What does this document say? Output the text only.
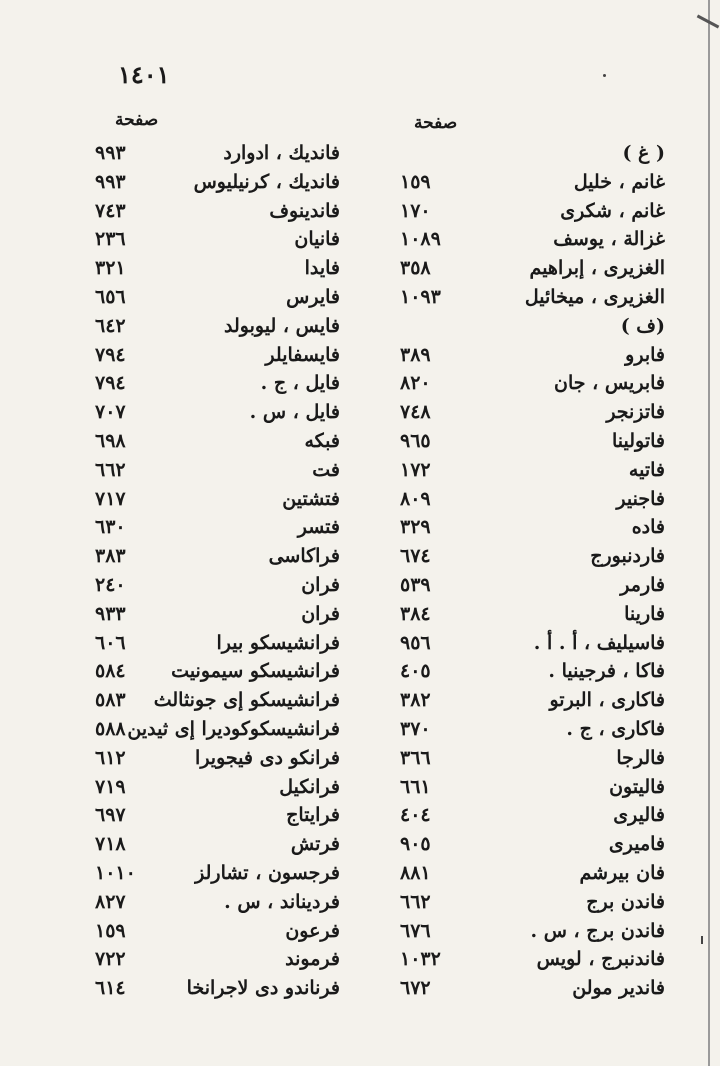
١٤٠١
صفحة	صفحة
( غ )
غانم ، خليل
١٥٩
غانم ، شكرى
١٧٠
غزالة ، يوسف
١٠٨٩
الغزيرى ، إبراهيم
٣٥٨
الغزيرى ، ميخائيل
١٠٩٣
(ف )
فابرو
٣٨٩
فابريس ، جان
٨٢٠
فاتزنجر
٧٤٨
فاتولينا
٩٦٥
فاتيه
١٧٢
فاجنير
٨٠٩
فاده
٣٢٩
فاردنبورج
٦٧٤
فارمر
٥٣٩
فارينا
٣٨٤
فاسيليف ، أ . أ .
٩٥٦
فاكا ، فرجينيا .
٤٠٥
فاكارى ، البرتو
٣٨٢
فاكارى ، ج .
٣٧٠
فالرجا
٣٦٦
فاليتون
٦٦١
فاليرى
٤٠٤
فاميرى
٩٠٥
فان بيرشم
٨٨١
فاندن برج
٦٦٢
فاندن برج ، س .
٦٧٦
فاندنبرج ، لويس
١٠٣٢
فاندير مولن
٦٧٢
فانديك ، ادوارد
٩٩٣
فانديك ، كرنيليوس
٩٩٣
فاندينوف
٧٤٣
فانيان
٢٣٦
فايدا
٣٢١
فايرس
٦٥٦
فايس ، ليوبولد
٦٤٢
فايسفايلر
٧٩٤
فايل ، ج .
٧٩٤
فايل ، س .
٧٠٧
فبكه
٦٩٨
فت
٦٦٢
فتشتين
٧١٧
فتسر
٦٣٠
فراكاسى
٣٨٣
فران
٢٤٠
فران
٩٣٣
فرانشيسكو بيرا
٦٠٦
فرانشيسكو سيمونيت
٥٨٤
فرانشيسكو إى جونثالث
٥٨٣
فرانشيسكوكوديرا إى ثيدين
٥٨٨
فرانكو دى فيجويرا
٦١٢
فرانكيل
٧١٩
فرايتاج
٦٩٧
فرتش
٧١٨
فرجسون ، تشارلز
١٠١٠
فردیناند ، س .
٨٢٧
فرعون
١٥٩
فرموند
٧٢٢
فرناندو دى لاجرانخا
٦١٤
